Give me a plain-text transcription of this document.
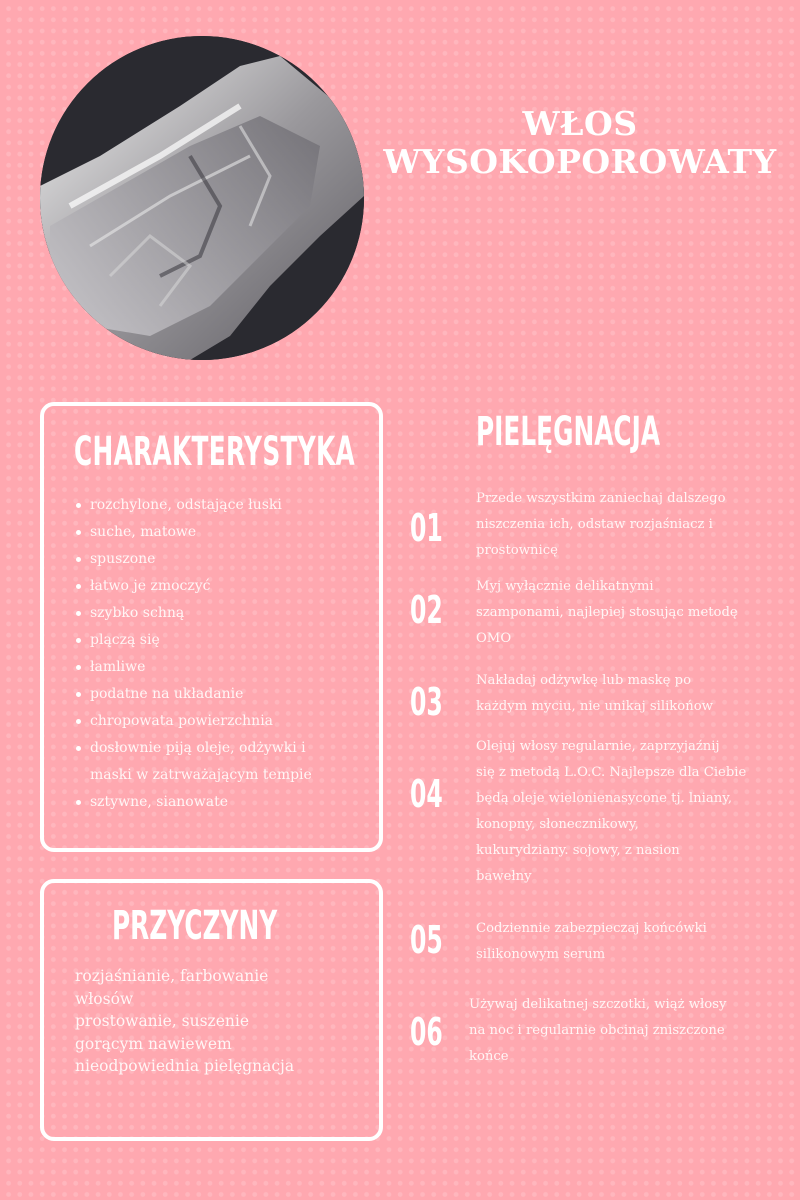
WŁOS
WYSOKOPOROWATY
CHARAKTERYSTYKA
rozchylone, odstające łuski
suche, matowe
spuszone
łatwo je zmoczyć
szybko schną
plączą się
łamliwe
podatne na układanie
chropowata powierzchnia
dosłownie piją oleje, odżywki i
maski w zatrważającym tempie
sztywne, sianowate
PRZYCZYNY
rozjaśnianie, farbowanie
włosów
prostowanie, suszenie
gorącym nawiewem
nieodpowiednia pielęgnacja
PIELĘGNACJA
01
Przede wszystkim zaniechaj dalszego
niszczenia ich, odstaw rozjaśniacz i
prostownicę
02
Myj wyłącznie delikatnymi
szamponami, najlepiej stosując metodę
OMO
03	Nakładaj odżywkę lub maskę po
każdym myciu, nie unikaj silikońow
04
Olejuj włosy regularnie, zaprzyjaźnij
się z metodą L.O.C. Najlepsze dla Ciebie
będą oleje wielonienasycone tj. lniany,
konopny, słonecznikowy,
kukurydziany. sojowy, z nasion
bawełny
05	Codziennie zabezpieczaj końcówki
silikonowym serum
06
Używaj delikatnej szczotki, wiąż włosy
na noc i regularnie obcinaj zniszczone
końce
